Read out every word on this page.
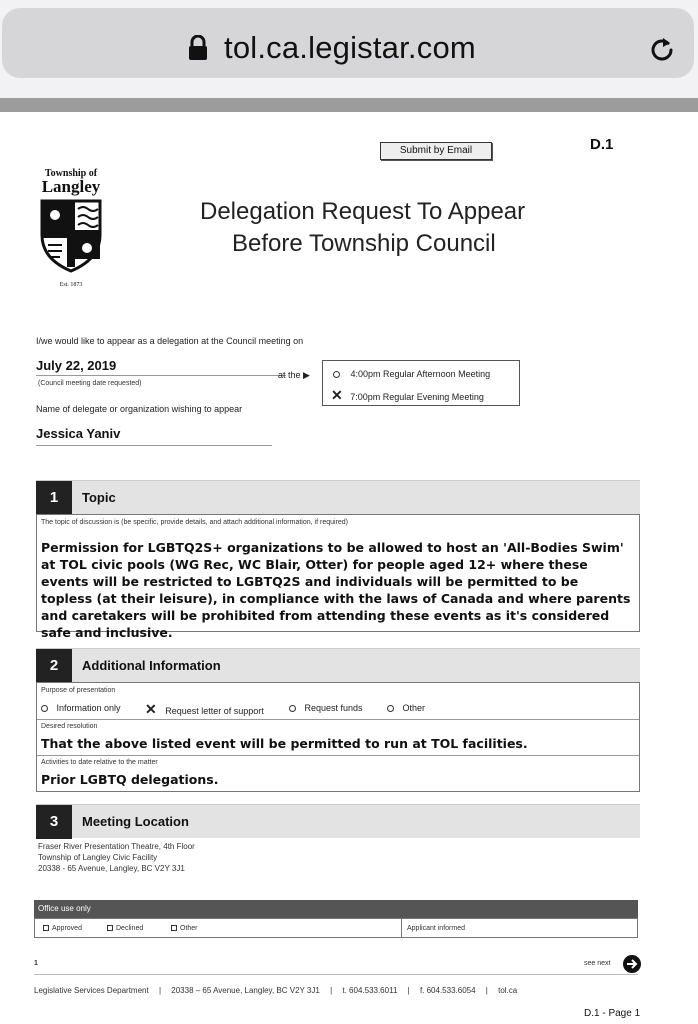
tol.ca.legistar.com
Submit by Email	D.1
Township of
Langley
Est. 1873
Delegation Request To Appear
Before Township Council
I/we would like to appear as a delegation at the Council meeting on
July 22, 2019
(Council meeting date requested)
at the ▶	4:00pm Regular Afternoon Meeting
✕ 7:00pm Regular Evening Meeting
Name of delegate or organization wishing to appear
Jessica Yaniv
1	Topic
The topic of discussion is (be specific, provide details, and attach additional information, if required)
Permission for LGBTQ2S+ organizations to be allowed to host an 'All-Bodies Swim' at TOL civic pools (WG Rec, WC Blair, Otter) for people aged 12+ where these events will be restricted to LGBTQ2S and individuals will be permitted to be topless (at their leisure), in compliance with the laws of Canada and where parents and caretakers will be prohibited from attending these events as it's considered safe and inclusive.
2	Additional Information
Purpose of presentation
Information only ✕ Request letter of support	Request funds	Other
Desired resolution
That the above listed event will be permitted to run at TOL facilities.
Activities to date relative to the matter
Prior LGBTQ delegations.
3	Meeting Location
Fraser River Presentation Theatre, 4th Floor
Township of Langley Civic Facility
20338 - 65 Avenue, Langley, BC V2Y 3J1
Office use only
Approved	Declined	Other	Applicant informed
1	see next
Legislative Services Department | 20338 – 65 Avenue, Langley, BC V2Y 3J1 | t. 604.533.6011 | f. 604.533.6054 | tol.ca
D.1 - Page 1
